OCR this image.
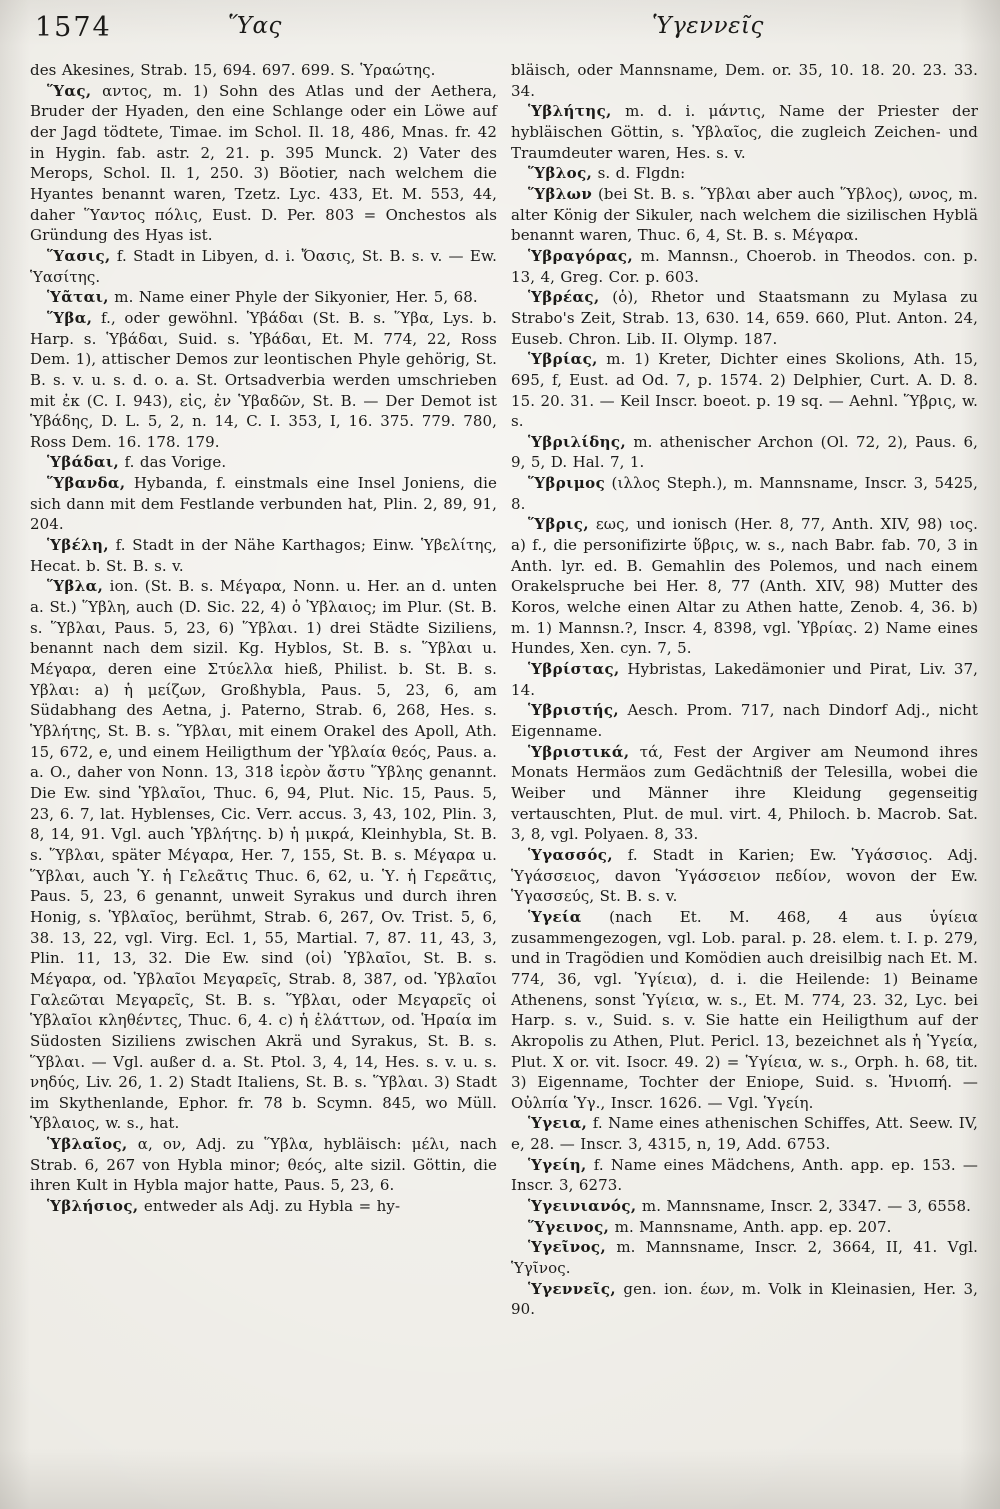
1574	Ὕας	Ὑγεννεῖς

des Akesines, Strab. 15, 694. 697. 699. S. Ὑραώτης.

Ὕας, αντος, m. 1) Sohn des Atlas und der Aethera, Bruder der Hyaden, den eine Schlange oder ein Löwe auf der Jagd tödtete, Timae. im Schol. Il. 18, 486, Mnas. fr. 42 in Hygin. fab. astr. 2, 21. p. 395 Munck. 2) Vater des Merops, Schol. Il. 1, 250. 3) Böotier, nach welchem die Hyantes benannt waren, Tzetz. Lyc. 433, Et. M. 553, 44, daher Ὕαντος πόλις, Eust. D. Per. 803 = Onchestos als Gründung des Hyas ist.

Ὕασις, f. Stadt in Libyen, d. i. Ὄασις, St. B. s. v. — Ew. Ὑασίτης.

Ὑᾶται, m. Name einer Phyle der Sikyonier, Her. 5, 68.

Ὕβα, f., oder gewöhnl. Ὑβάδαι (St. B. s. Ὕβα, Lys. b. Harp. s. Ὑβάδαι, Suid. s. Ὑβάδαι, Et. M. 774, 22, Ross Dem. 1), attischer Demos zur leontischen Phyle gehörig, St. B. s. v. u. s. d. o. a. St. Ortsadverbia werden umschrieben mit ἐκ (C. I. 943), εἰς, ἐν Ὑβαδῶν, St. B. — Der Demot ist Ὑβάδης, D. L. 5, 2, n. 14, C. I. 353, I, 16. 375. 779. 780, Ross Dem. 16. 178. 179.

Ὑβάδαι, f. das Vorige.

Ὕβανδα, Hybanda, f. einstmals eine Insel Joniens, die sich dann mit dem Festlande verbunden hat, Plin. 2, 89, 91, 204.

Ὑβέλη, f. Stadt in der Nähe Karthagos; Einw. Ὑβελίτης, Hecat. b. St. B. s. v.

Ὕβλα, ion. (St. B. s. Μέγαρα, Nonn. u. Her. an d. unten a. St.) Ὕβλη, auch (D. Sic. 22, 4) ὁ Ὑβλαιος; im Plur. (St. B. s. Ὕβλαι, Paus. 5, 23, 6) Ὕβλαι. 1) drei Städte Siziliens, benannt nach dem sizil. Kg. Hyblos, St. B. s. Ὕβλαι u. Μέγαρα, deren eine Στύελλα hieß, Philist. b. St. B. s. Υβλαι: a) ἡ μείζων, Großhybla, Paus. 5, 23, 6, am Südabhang des Aetna, j. Paterno, Strab. 6, 268, Hes. s. Ὑβλήτης, St. B. s. Ὕβλαι, mit einem Orakel des Apoll, Ath. 15, 672, e, und einem Heiligthum der Ὑβλαία θεός, Paus. a. a. O., daher von Nonn. 13, 318 ἱερὸν ἄστυ Ὕβλης genannt. Die Ew. sind Ὑβλαῖοι, Thuc. 6, 94, Plut. Nic. 15, Paus. 5, 23, 6. 7, lat. Hyblenses, Cic. Verr. accus. 3, 43, 102, Plin. 3, 8, 14, 91. Vgl. auch Ὑβλήτης. b) ἡ μικρά, Kleinhybla, St. B. s. Ὕβλαι, später Μέγαρα, Her. 7, 155, St. B. s. Μέγαρα u. Ὕβλαι, auch Ὑ. ἡ Γελεᾶτις Thuc. 6, 62, u. Ὑ. ἡ Γερεᾶτις, Paus. 5, 23, 6 genannt, unweit Syrakus und durch ihren Honig, s. Ὑβλαῖος, berühmt, Strab. 6, 267, Ov. Trist. 5, 6, 38. 13, 22, vgl. Virg. Ecl. 1, 55, Martial. 7, 87. 11, 43, 3, Plin. 11, 13, 32. Die Ew. sind (οἱ) Ὑβλαῖοι, St. B. s. Μέγαρα, od. Ὑβλαῖοι Μεγαρεῖς, Strab. 8, 387, od. Ὑβλαῖοι Γαλεῶται Μεγαρεῖς, St. B. s. Ὕβλαι, oder Μεγαρεῖς οἱ Ὑβλαῖοι κληθέντες, Thuc. 6, 4. c) ἡ ἐλάττων, od. Ἡραία im Südosten Siziliens zwischen Akrä und Syrakus, St. B. s. Ὕβλαι. — Vgl. außer d. a. St. Ptol. 3, 4, 14, Hes. s. v. u. s. νηδύς, Liv. 26, 1. 2) Stadt Italiens, St. B. s. Ὕβλαι. 3) Stadt im Skythenlande, Ephor. fr. 78 b. Scymn. 845, wo Müll. Ὑβλαιος, w. s., hat.

Ὑβλαῖος, α, ον, Adj. zu Ὕβλα, hybläisch: μέλι, nach Strab. 6, 267 von Hybla minor; θεός, alte sizil. Göttin, die ihren Kult in Hybla major hatte, Paus. 5, 23, 6.

Ὑβλήσιος, entweder als Adj. zu Hybla = hy-

bläisch, oder Mannsname, Dem. or. 35, 10. 18. 20. 23. 33. 34.

Ὑβλήτης, m. d. i. μάντις, Name der Priester der hybläischen Göttin, s. Ὑβλαῖος, die zugleich Zeichen- und Traumdeuter waren, Hes. s. v.

Ὕβλος, s. d. Flgdn:

Ὕβλων (bei St. B. s. Ὕβλαι aber auch Ὕβλος), ωνος, m. alter König der Sikuler, nach welchem die sizilischen Hyblä benannt waren, Thuc. 6, 4, St. B. s. Μέγαρα.

Ὑβραγόρας, m. Mannsn., Choerob. in Theodos. con. p. 13, 4, Greg. Cor. p. 603.

Ὑβρέας, (ὁ), Rhetor und Staatsmann zu Mylasa zu Strabo's Zeit, Strab. 13, 630. 14, 659. 660, Plut. Anton. 24, Euseb. Chron. Lib. II. Olymp. 187.

Ὑβρίας, m. 1) Kreter, Dichter eines Skolions, Ath. 15, 695, f, Eust. ad Od. 7, p. 1574. 2) Delphier, Curt. A. D. 8. 15. 20. 31. — Keil Inscr. boeot. p. 19 sq. — Aehnl. Ὕβρις, w. s.

Ὑβριλίδης, m. athenischer Archon (Ol. 72, 2), Paus. 6, 9, 5, D. Hal. 7, 1.

Ὕβριμος (ιλλος Steph.), m. Mannsname, Inscr. 3, 5425, 8.

Ὕβρις, εως, und ionisch (Her. 8, 77, Anth. XIV, 98) ιος. a) f., die personifizirte ὕβρις, w. s., nach Babr. fab. 70, 3 in Anth. lyr. ed. B. Gemahlin des Polemos, und nach einem Orakelspruche bei Her. 8, 77 (Anth. XIV, 98) Mutter des Koros, welche einen Altar zu Athen hatte, Zenob. 4, 36. b) m. 1) Mannsn.?, Inscr. 4, 8398, vgl. Ὑβρίας. 2) Name eines Hundes, Xen. cyn. 7, 5.

Ὑβρίστας, Hybristas, Lakedämonier und Pirat, Liv. 37, 14.

Ὑβριστής, Aesch. Prom. 717, nach Dindorf Adj., nicht Eigenname.

Ὑβριστικά, τά, Fest der Argiver am Neumond ihres Monats Hermäos zum Gedächtniß der Telesilla, wobei die Weiber und Männer ihre Kleidung gegenseitig vertauschten, Plut. de mul. virt. 4, Philoch. b. Macrob. Sat. 3, 8, vgl. Polyaen. 8, 33.

Ὑγασσός, f. Stadt in Karien; Ew. Ὑγάσσιος. Adj. Ὑγάσσειος, davon Ὑγάσσειον πεδίον, wovon der Ew. Ὑγασσεύς, St. B. s. v.

Ὑγεία (nach Et. M. 468, 4 aus ὑγίεια zusammengezogen, vgl. Lob. paral. p. 28. elem. t. I. p. 279, und in Tragödien und Komödien auch dreisilbig nach Et. M. 774, 36, vgl. Ὑγίεια), d. i. die Heilende: 1) Beiname Athenens, sonst Ὑγίεια, w. s., Et. M. 774, 23. 32, Lyc. bei Harp. s. v., Suid. s. v. Sie hatte ein Heiligthum auf der Akropolis zu Athen, Plut. Pericl. 13, bezeichnet als ἡ Ὑγεία, Plut. X or. vit. Isocr. 49. 2) = Ὑγίεια, w. s., Orph. h. 68, tit. 3) Eigenname, Tochter der Eniope, Suid. s. Ἡνιοπή. — Οὐλπία Ὑγ., Inscr. 1626. — Vgl. Ὑγείη.

Ὑγεια, f. Name eines athenischen Schiffes, Att. Seew. IV, e, 28. — Inscr. 3, 4315, n, 19, Add. 6753.

Ὑγείη, f. Name eines Mädchens, Anth. app. ep. 153. — Inscr. 3, 6273.

Ὑγεινιανός, m. Mannsname, Inscr. 2, 3347. — 3, 6558.

Ὕγεινος, m. Mannsname, Anth. app. ep. 207.

Ὑγεῖνος, m. Mannsname, Inscr. 2, 3664, II, 41. Vgl. Ὑγῖνος.

Ὑγεννεῖς, gen. ion. έων, m. Volk in Kleinasien, Her. 3, 90.
